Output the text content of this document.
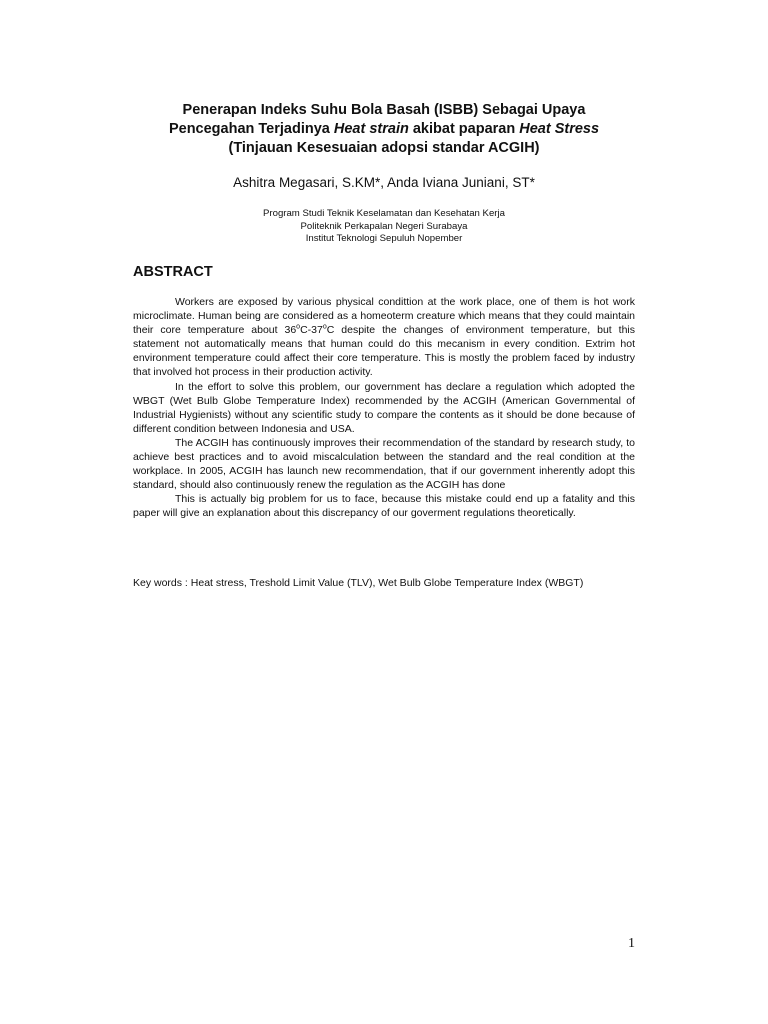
Penerapan Indeks Suhu Bola Basah (ISBB) Sebagai Upaya
Pencegahan Terjadinya Heat strain akibat paparan Heat Stress
(Tinjauan Kesesuaian adopsi standar ACGIH)
Ashitra Megasari, S.KM*, Anda Iviana Juniani, ST*
Program Studi Teknik Keselamatan dan Kesehatan Kerja
Politeknik Perkapalan Negeri Surabaya
Institut Teknologi Sepuluh Nopember
ABSTRACT

Workers are exposed by various physical condittion at the work place, one of them is hot work microclimate. Human being are considered as a homeoterm creature which means that they could maintain their core temperature about 36$^o$C-37$^o$C despite the changes of environment temperature, but this statement not automatically means that human could do this mecanism in every condition. Extrim hot environment temperature could affect their core temperature. This is mostly the problem faced by industry that involved hot process in their production activity.

In the effort to solve this problem, our government has declare a regulation which adopted the WBGT (Wet Bulb Globe Temperature Index) recommended by the ACGIH (American Governmental of Industrial Hygienists) without any scientific study to compare the contents as it should be done because of different condition between Indonesia and USA.

The ACGIH has continuously improves their recommendation of the standard by research study, to achieve best practices and to avoid miscalculation between the standard and the real condition at the workplace. In 2005, ACGIH has launch new recommendation, that if our government inherently adopt this standard, should also continuously renew the regulation as the ACGIH has done

This is actually big problem for us to face, because this mistake could end up a fatality and this paper will give an explanation about this discrepancy of our goverment regulations theoretically.

Key words : Heat stress, Treshold Limit Value (TLV), Wet Bulb Globe Temperature Index (WBGT)
1
